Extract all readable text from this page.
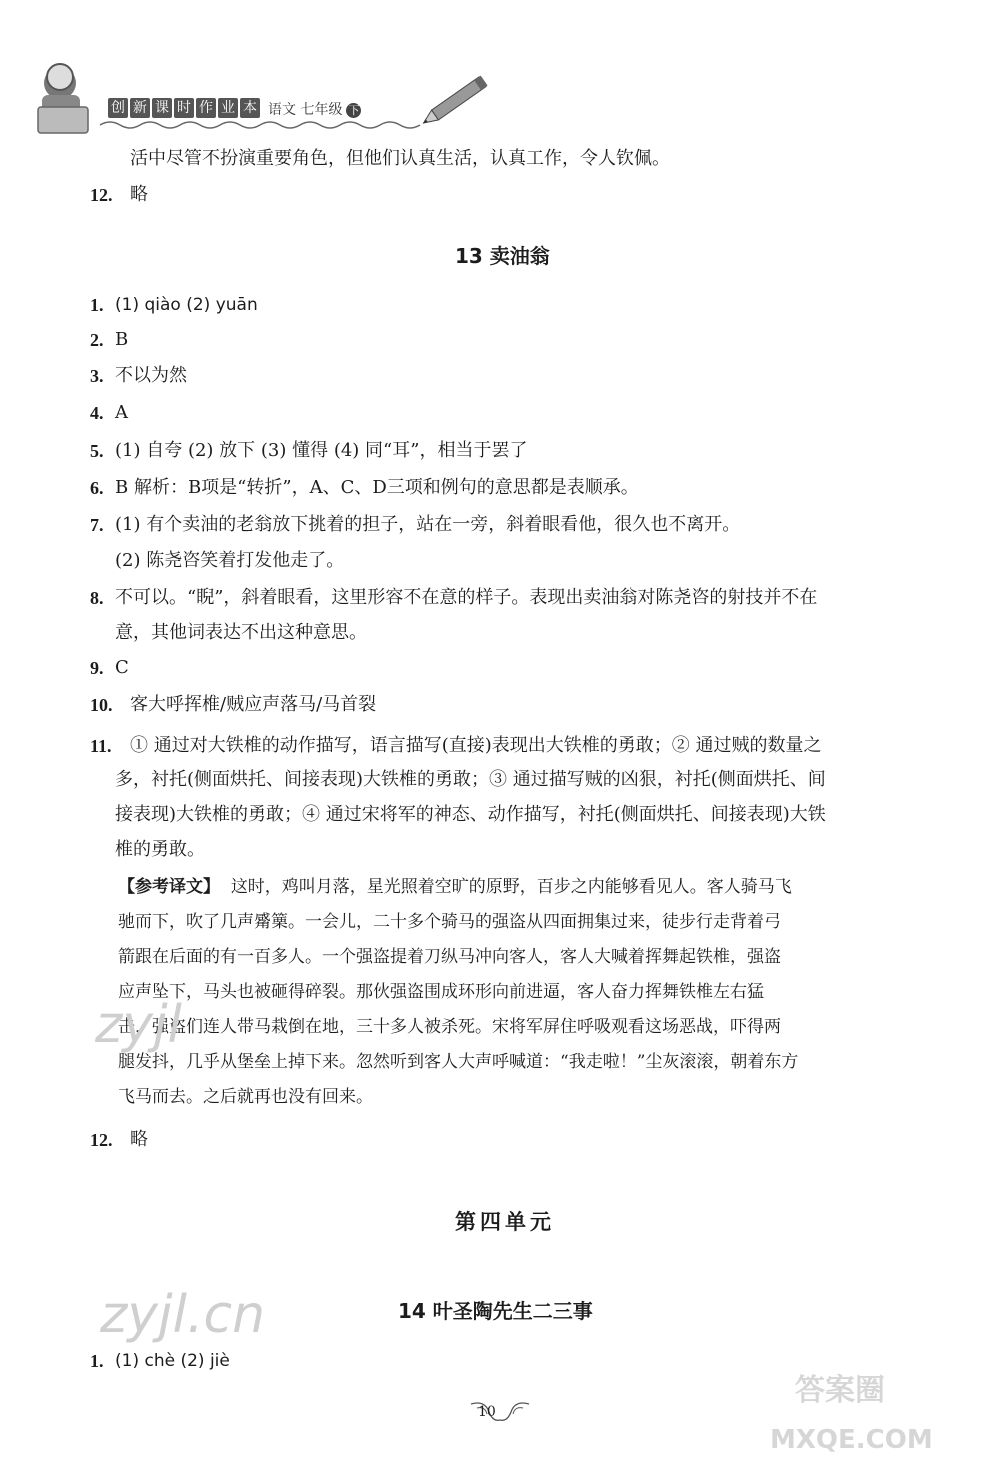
创 新 课 时 作 业 本 语文 七年级 下
活中尽管不扮演重要角色，但他们认真生活，认真工作，令人钦佩。
12. 略
13 卖油翁
1. (1) qiào (2) yuān
2. B
3. 不以为然
4. A
5. (1) 自夸 (2) 放下 (3) 懂得 (4) 同“耳”，相当于罢了
6. B 解析：B项是“转折”，A、C、D三项和例句的意思都是表顺承。
7. (1) 有个卖油的老翁放下挑着的担子，站在一旁，斜着眼看他，很久也不离开。
(2) 陈尧咨笑着打发他走了。
8. 不可以。“睨”，斜着眼看，这里形容不在意的样子。表现出卖油翁对陈尧咨的射技并不在
意，其他词表达不出这种意思。
9. C
10. 客大呼挥椎/贼应声落马/马首裂
11. ① 通过对大铁椎的动作描写，语言描写(直接)表现出大铁椎的勇敢；② 通过贼的数量之
多，衬托(侧面烘托、间接表现)大铁椎的勇敢；③ 通过描写贼的凶狠，衬托(侧面烘托、间
接表现)大铁椎的勇敢；④ 通过宋将军的神态、动作描写，衬托(侧面烘托、间接表现)大铁
椎的勇敢。
【参考译文】 这时，鸡叫月落，星光照着空旷的原野，百步之内能够看见人。客人骑马飞
驰而下，吹了几声觱篥。一会儿，二十多个骑马的强盗从四面拥集过来，徒步行走背着弓
箭跟在后面的有一百多人。一个强盗提着刀纵马冲向客人，客人大喊着挥舞起铁椎，强盗
应声坠下，马头也被砸得碎裂。那伙强盗围成环形向前进逼，客人奋力挥舞铁椎左右猛
击，强盗们连人带马栽倒在地，三十多人被杀死。宋将军屏住呼吸观看这场恶战，吓得两
腿发抖，几乎从堡垒上掉下来。忽然听到客人大声呼喊道：“我走啦！”尘灰滚滚，朝着东方
飞马而去。之后就再也没有回来。
12. 略
第四单元
14 叶圣陶先生二三事
1. (1) chè (2) jiè
zyjl
zyjl.cn
答案圈
MXQE.COM
10
